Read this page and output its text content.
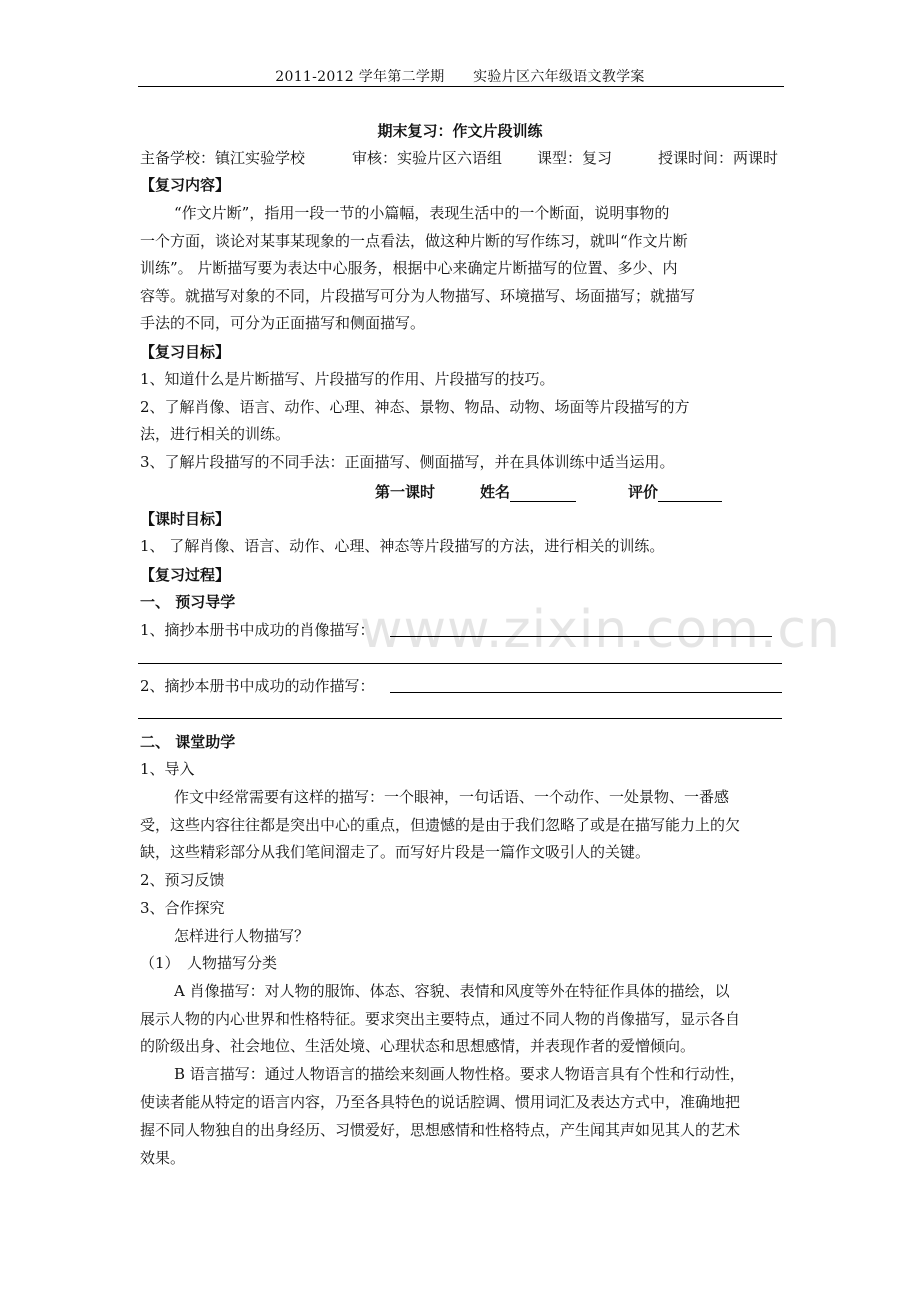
2011-2012 学年第二学期　　实验片区六年级语文教学案
www.zixin.com.cn
期末复习：作文片段训练
主备学校：镇江实验学校	审核：实验片区六语组 课型：复习	授课时间：两课时
【复习内容】
“作文片断”，指用一段一节的小篇幅，表现生活中的一个断面，说明事物的
一个方面，谈论对某事某现象的一点看法，做这种片断的写作练习，就叫“作文片断
训练”。 片断描写要为表达中心服务，根据中心来确定片断描写的位置、多少、内
容等。就描写对象的不同，片段描写可分为人物描写、环境描写、场面描写；就描写
手法的不同，可分为正面描写和侧面描写。
【复习目标】
1、知道什么是片断描写、片段描写的作用、片段描写的技巧。
2、了解肖像、语言、动作、心理、神态、景物、物品、动物、场面等片段描写的方
法，进行相关的训练。
3、了解片段描写的不同手法：正面描写、侧面描写，并在具体训练中适当运用。
第一课时	姓名	评价
【课时目标】
1、 了解肖像、语言、动作、心理、神态等片段描写的方法，进行相关的训练。
【复习过程】
一、 预习导学
1、摘抄本册书中成功的肖像描写：
2、摘抄本册书中成功的动作描写：
二、 课堂助学
1、导入
作文中经常需要有这样的描写：一个眼神，一句话语、一个动作、一处景物、一番感
受，这些内容往往都是突出中心的重点，但遗憾的是由于我们忽略了或是在描写能力上的欠
缺，这些精彩部分从我们笔间溜走了。而写好片段是一篇作文吸引人的关键。
2、预习反馈
3、合作探究
怎样进行人物描写？
（1）　人物描写分类
A 肖像描写：对人物的服饰、体态、容貌、表情和风度等外在特征作具体的描绘，以
展示人物的内心世界和性格特征。要求突出主要特点，通过不同人物的肖像描写，显示各自
的阶级出身、社会地位、生活处境、心理状态和思想感情，并表现作者的爱憎倾向。
B 语言描写：通过人物语言的描绘来刻画人物性格。要求人物语言具有个性和行动性，
使读者能从特定的语言内容，乃至各具特色的说话腔调、惯用词汇及表达方式中，准确地把
握不同人物独自的出身经历、习惯爱好，思想感情和性格特点，产生闻其声如见其人的艺术
效果。
